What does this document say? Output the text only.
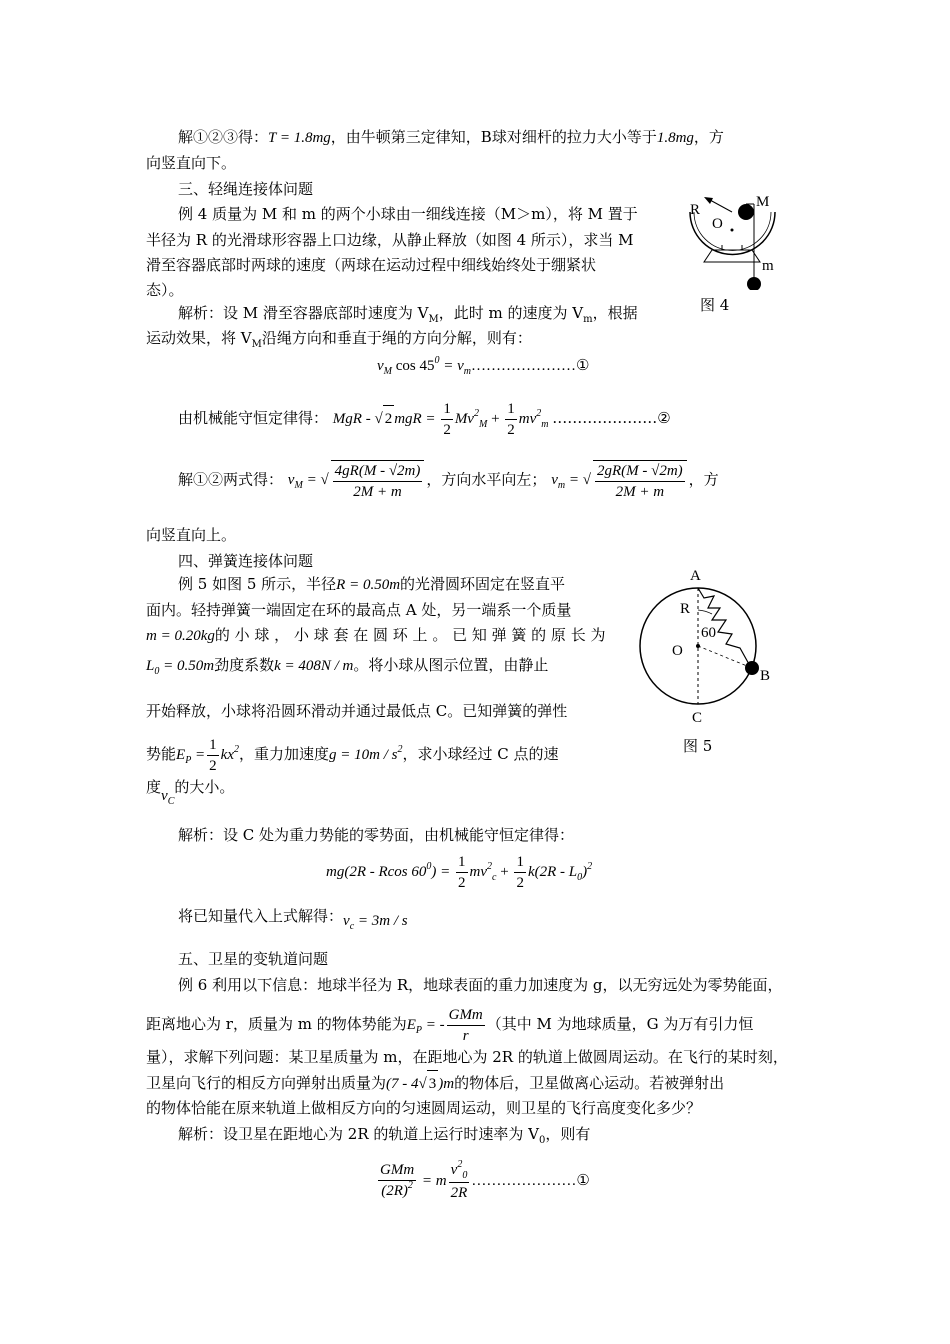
解①②③得：T = 1.8mg，由牛顿第三定律知，B球对细杆的拉力大小等于1.8mg，方
向竖直向下。
三、轻绳连接体问题
例 4 质量为 M 和 m 的两个小球由一细线连接（M＞m），将 M 置于
半径为 R 的光滑球形容器上口边缘，从静止释放（如图 4 所示），求当 M
滑至容器底部时两球的速度（两球在运动过程中细线始终处于绷紧状
态）。
解析：设 M 滑至容器底部时速度为 $V_M$，此时 m 的速度为 $V_m$，根据
运动效果，将 $V_M$沿绳方向和垂直于绳的方向分解，则有：
$v_M$ $\cos 45^0$ = $v_m\dots\dots\dots\dots\dots\dots\dots ①$
由机械能守恒定律得： MgR - √ 2 mgR = $\frac{1}{2} Mv^2_M + \frac{1}{2} mv^2_m$ …………………②
解①②两式得： $v_M$ = √ $\frac{4gR(M - √2m)}{2M + m}$ ，方向水平向左； $v_m$ = √ $\frac{2gR(M - √2m)}{2M + m}$ ，方
向竖直向上。
R
O
M
m
图 4
四、弹簧连接体问题
例 5 如图 5 所示，半径R = 0.50m的光滑圆环固定在竖直平
面内。轻持弹簧一端固定在环的最高点 A 处，另一端系一个质量
m = 0.20kg的 小 球 ， 小 球 套 在 圆 环 上 。 已 知 弹 簧 的 原 长 为
$L_0 = 0.50m$劲度系数k = 408N / m。将小球从图示位置，由静止
开始释放，小球将沿圆环滑动并通过最低点 C。已知弹簧的弹性
势能$E_P = \frac{1}{2} kx^2$，重力加速度$g = 10m / s^2$，求小球经过 C 点的速
度$v_C$的大小。
解析：设 C 处为重力势能的零势面，由机械能守恒定律得：
mg(2R - Rcos $60^0) = \frac{1}{2} mv^2_c + \frac{1}{2} k(2R - L_0)^2$
将已知量代入上式解得：$v_c = 3m / s$
A
R
60
O
B
C
图 5
五、卫星的变轨道问题
例 6 利用以下信息：地球半径为 R，地球表面的重力加速度为 g，以无穷远处为零势能面，
距离地心为 r，质量为 m 的物体势能为$E_P$ = - $\frac{\text{GMm}}{r}$ （其中 M 为地球质量，G 为万有引力恒
量），求解下列问题：某卫星质量为 m，在距地心为 2R 的轨道上做圆周运动。在飞行的某时刻，
卫星向飞行的相反方向弹射出质量为(7 - 4√ 3 )m的物体后，卫星做离心运动。若被弹射出
的物体恰能在原来轨道上做相反方向的匀速圆周运动，则卫星的飞行高度变化多少？
解析：设卫星在距地心为 2R 的轨道上运行时速率为 $V_0$，则有
$\frac{\text{GMm}}{(2R)^2} = m \frac{v^2_0}{2R}$ …………………①
